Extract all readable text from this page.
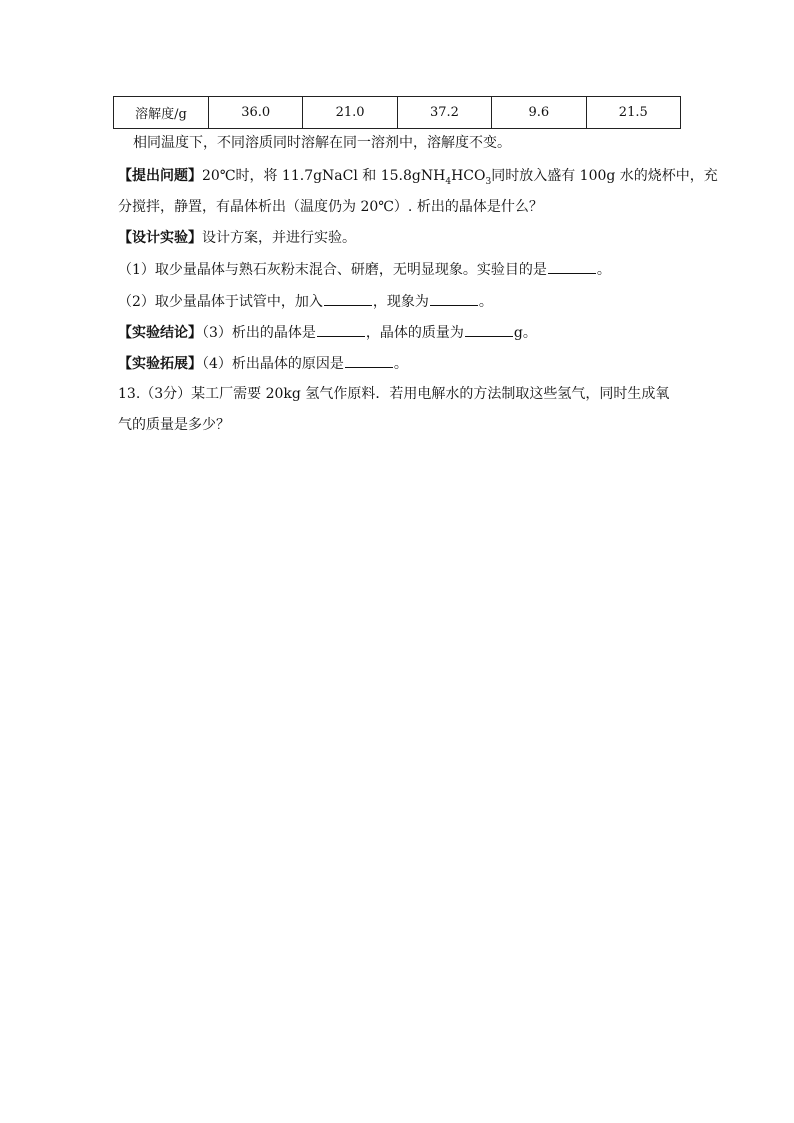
溶解度/g	36.0	21.0	37.2	9.6	21.5
相同温度下，不同溶质同时溶解在同一溶剂中，溶解度不变。
【提出问题】20℃时，将 11.7gNaCl 和 $15.8gNH_4HCO_3$同时放入盛有 100g 水的烧杯中，充
分搅拌，静置，有晶体析出（温度仍为 20℃）. 析出的晶体是什么？
【设计实验】设计方案，并进行实验。
（1）取少量晶体与熟石灰粉末混合、研磨，无明显现象。实验目的是	。
（2）取少量晶体于试管中，加入	，现象为	。
【实验结论】（3）析出的晶体是	，晶体的质量为	g。
【实验拓展】（4）析出晶体的原因是	。
13.（3分）某工厂需要 20kg 氢气作原料．若用电解水的方法制取这些氢气，同时生成氧
气的质量是多少？
